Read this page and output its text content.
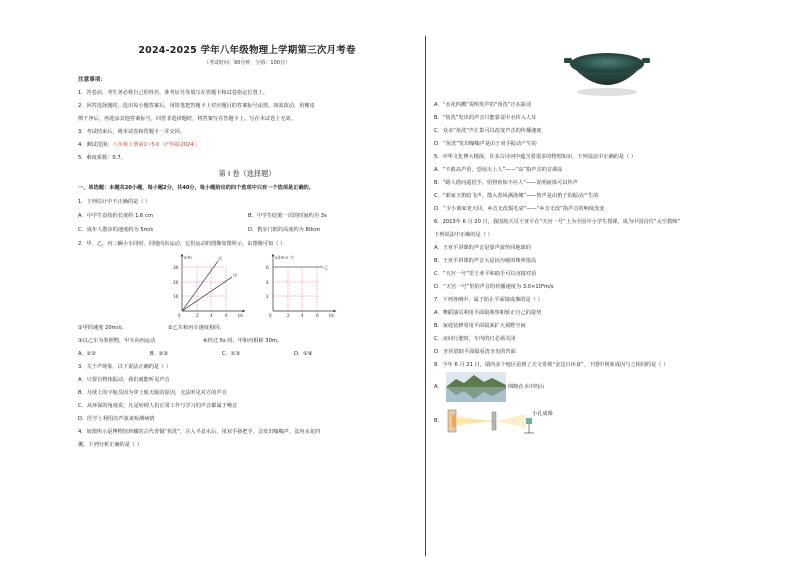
2024-2025 学年八年级物理上学期第三次月考卷
（考试时间：90分钟，分值：100分）
注意事项：
1．答卷前，考生务必将自己的姓名、准考证号等填写在答题卡和试卷指定位置上。
2．回答选择题时，选出每小题答案后，用铅笔把答题卡上对应题目的答案标号涂黑。如需改动，用橡皮
擦干净后，再选涂其他答案标号。回答非选择题时，将答案写在答题卡上。写在本试卷上无效。
3．考试结束后，将本试卷和答题卡一并交回。
4．测试范围：八年级上册第1~5章（沪科版2024）。
5．难度系数：0.7。
第 I 卷（选择题）
一、单选题：本题共20小题，每小题2分，共40分，每小题给出的四个选项中只有一个选项是正确的。
1．下列估计中不正确的是（ ）
A．中学生食指的长度约 1.6 cm	B．中学生眨眼一次的时间约为 3s
C．成年人散步的速度约为 5m/s	D．教室门框的高度约为 80cm
2．甲、乙、丙三辆小车同时、同地向东运动，它们运动的图像如图所示，由图像可知（ ）
s/m
t/s
30
20
10
0	2	4	6
丙
甲

v/(m·s⁻¹)
t/s
6
4
2
0	2	4	6
乙
①甲的速度 20m/s；	②乙车和丙车速度相同；
③以乙车为参照物，甲车向西运动	④经过 5s 时，甲和丙相距 30m。
A．①②	B．②③	C．①③	D．①④
3．关于声现象，以下说法正确的是（ ）
A．只要有物体振动，我们就能听见声音
B．月球上的宇航员因为穿上航天服的原因，无法听见对方的声音
C．从环保的角度说，凡是妨碍人们正常工作与学习的声音都属于噪音
D．医学上利用次声波来检测病情
4．如图所示是博物馆珍藏的古代青铜“鱼洗”，注入半盆水后，用双手搓把手，会发出嗡嗡声，盆内水花四
溅。下列分析正确的是（ ）
A．“水花四溅”说明发声的“鱼洗”正在振动
B．“鱼洗”发出的声音只能靠盆中水传入人耳
C．众多“鱼洗”声汇集可以改变声音的传播速度
D．“鱼洗”发出嗡嗡声是由于双手振动产生的
5．中华文化博大精深，许多古诗词中蕴含着很多的物理知识，下列说法中正确的是（ ）
A．“不敢高声语，恐惊天上人”——“高”指声音的音调高
B．“路人借问遥招手，怕得鱼惊不应人”——说明液体可以传声
C．“谁家玉笛暗飞声，散入春风满洛城”——笛声是由笛子的振动产生的
D．“少小离家老大回，乡音无改鬓毛衰”——“乡音无改”指声音的响度没变
6．2013年 6 月 20 日，我国航天员王亚平在“天宫一号”上为全国中小学生授课，成为中国首位“太空教师”
下列说法中正确的是（ ）
A．王亚平讲课的声音是靠声波传回地球的
B．王亚平讲课的声音大是因为她的频率很高
C．“天宫一号”里王亚平和助手可以直接对话
D．“天宫一号”里的声音的传播速度为 3.0×10⁸m/s
7．下列各例中，属于防止平面镜成像的是（ ）
A．舞蹈演员利用平面镜观察和矫正自己的姿势
B．家庭装修常用平面镜来扩大视野空间
C．夜间行驶时，车内的灯必须关闭
D．牙医借助平面镜看清牙齿的背面
8．今年 6 月 21 日，瑞内多个地区看到了天文奇观“金边日环食”。下图中现象成因与之相同的是（ ）
A．	倒映在水中的山
B．
小孔成像
